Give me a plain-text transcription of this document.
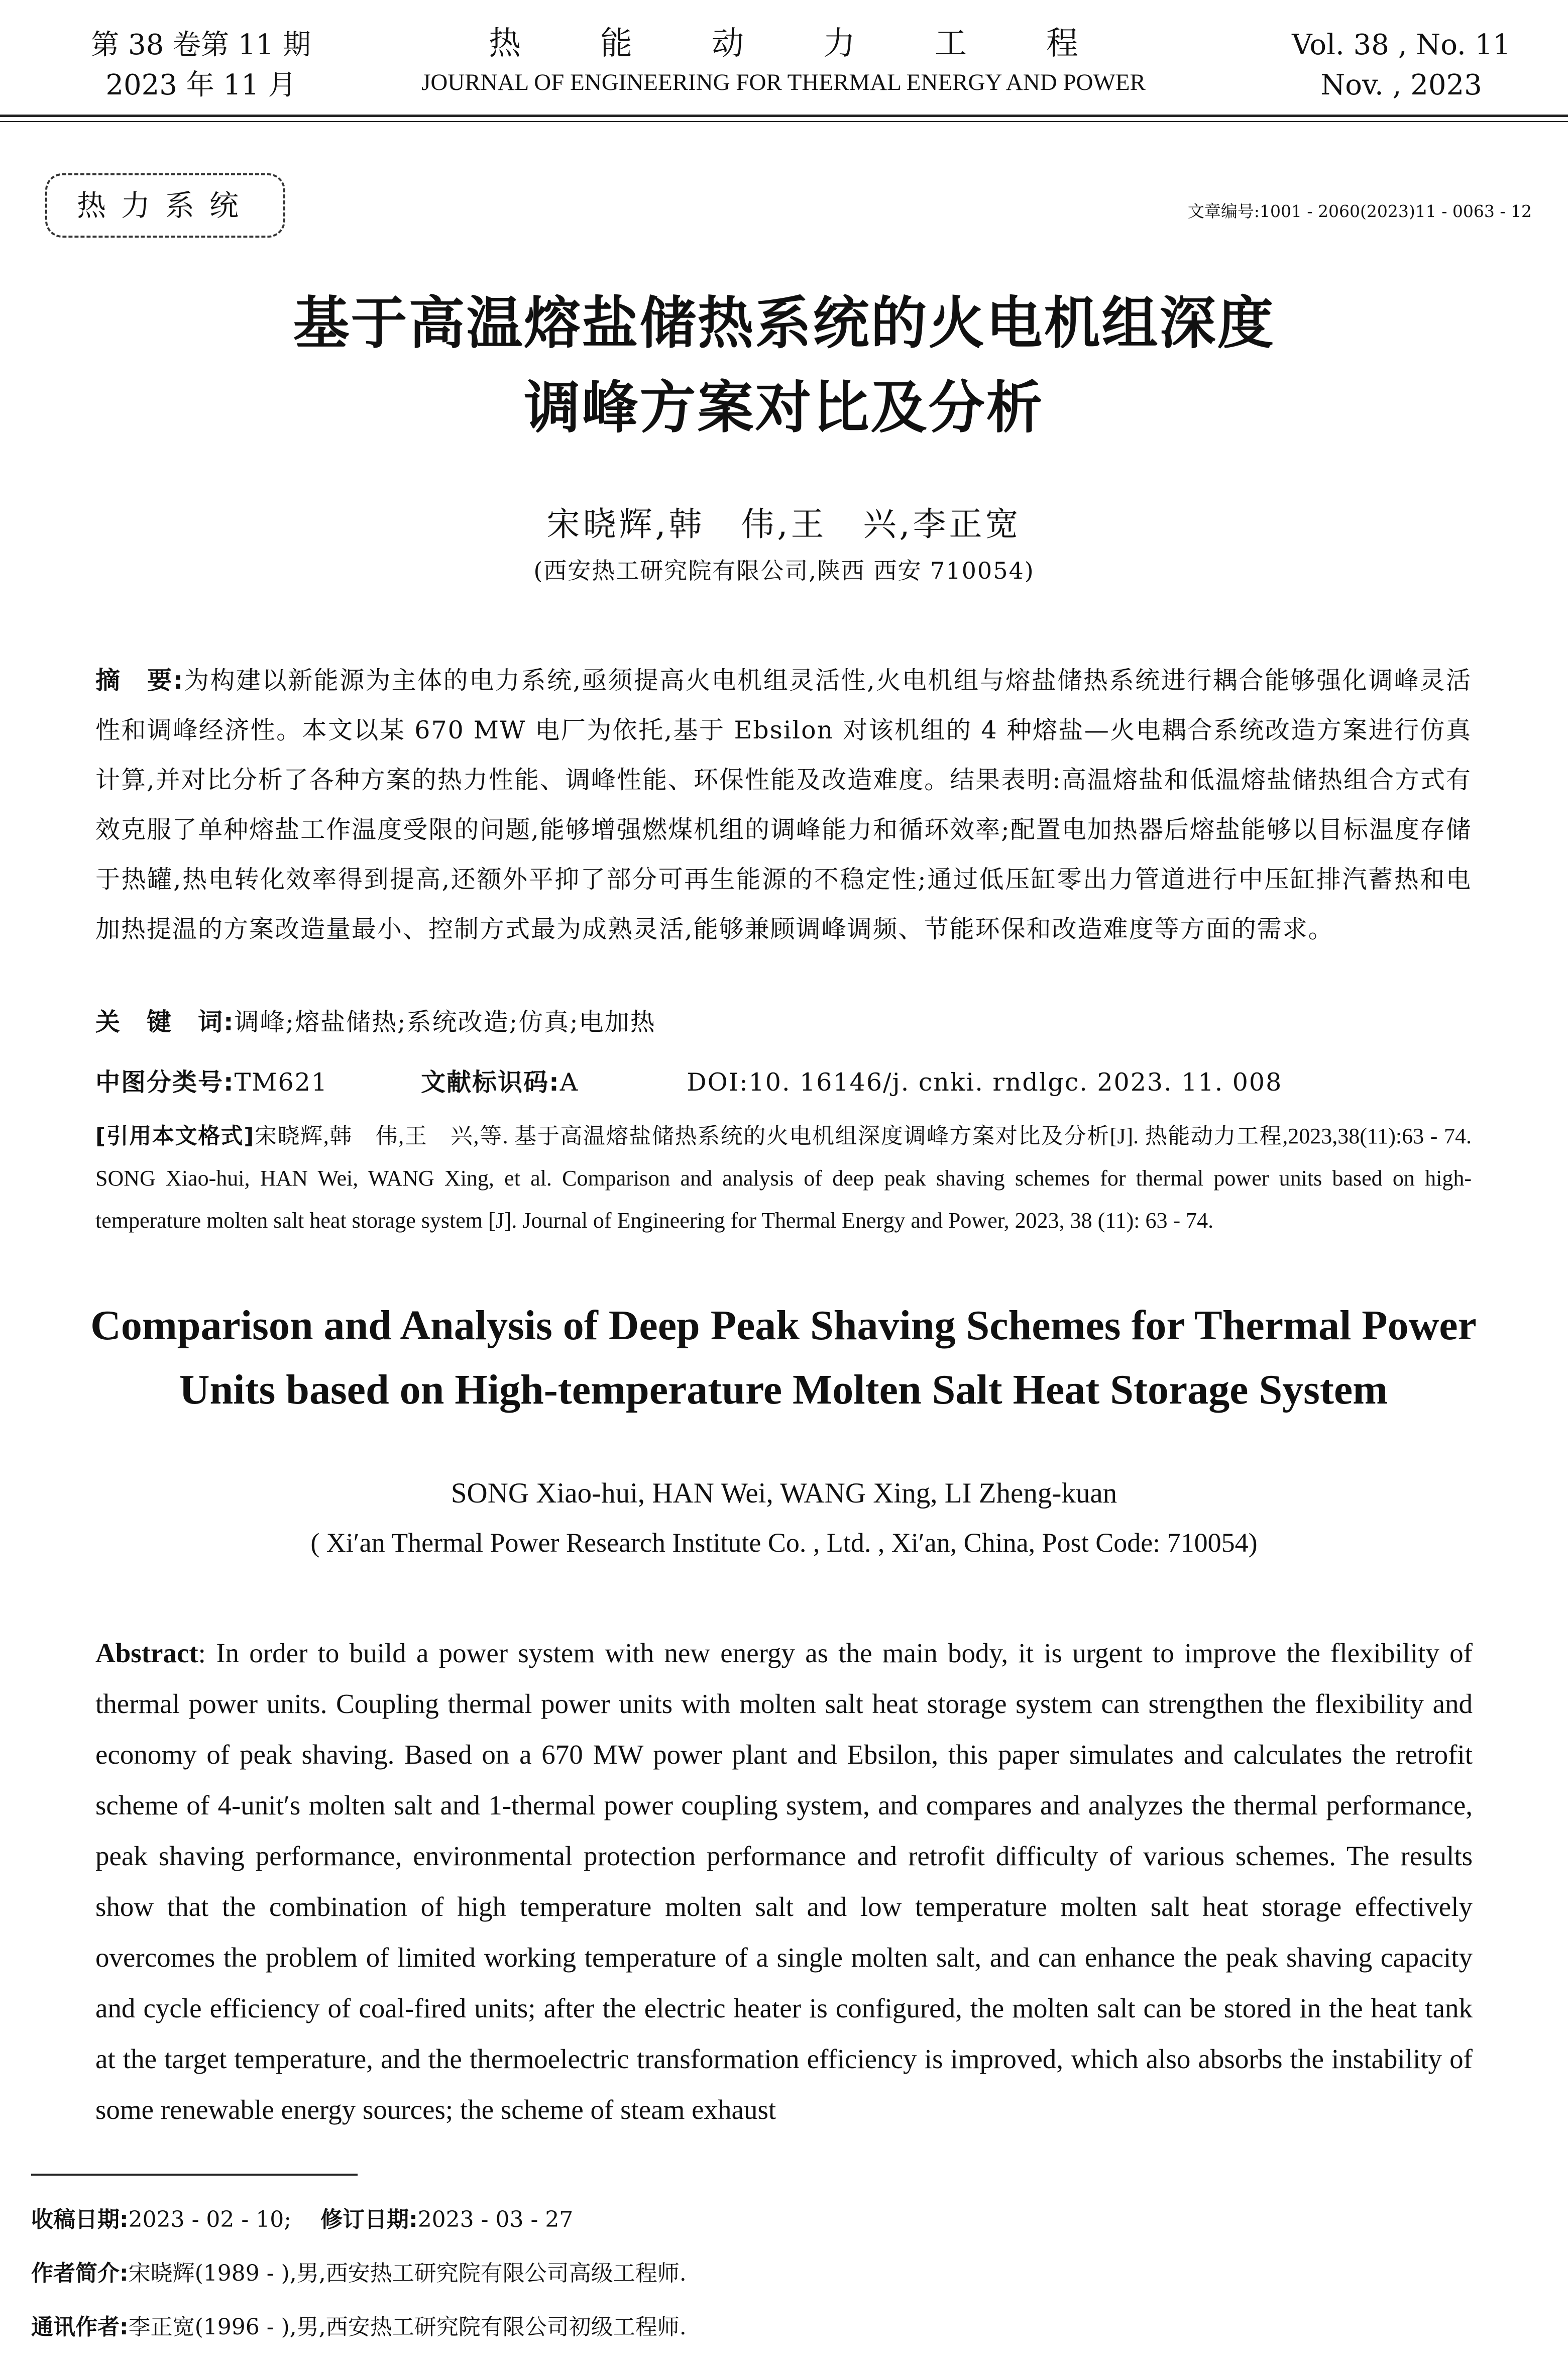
第 38 卷第 11 期
2023 年 11 月
热能动力工程
JOURNAL OF ENGINEERING FOR THERMAL ENERGY AND POWER
Vol. 38 , No. 11
Nov. , 2023
热力系统	文章编号:1001 - 2060(2023)11 - 0063 - 12
基于高温熔盐储热系统的火电机组深度
调峰方案对比及分析
宋晓辉,韩　伟,王　兴,李正宽
(西安热工研究院有限公司,陕西 西安 710054)
摘　要:为构建以新能源为主体的电力系统,亟须提高火电机组灵活性,火电机组与熔盐储热系统进行耦合能够强化调峰灵活性和调峰经济性。本文以某 670 MW 电厂为依托,基于 Ebsilon 对该机组的 4 种熔盐—火电耦合系统改造方案进行仿真计算,并对比分析了各种方案的热力性能、调峰性能、环保性能及改造难度。结果表明:高温熔盐和低温熔盐储热组合方式有效克服了单种熔盐工作温度受限的问题,能够增强燃煤机组的调峰能力和循环效率;配置电加热器后熔盐能够以目标温度存储于热罐,热电转化效率得到提高,还额外平抑了部分可再生能源的不稳定性;通过低压缸零出力管道进行中压缸排汽蓄热和电加热提温的方案改造量最小、控制方式最为成熟灵活,能够兼顾调峰调频、节能环保和改造难度等方面的需求。
关　键　词:调峰;熔盐储热;系统改造;仿真;电加热
中图分类号:TM621	文献标识码:A	DOI:10. 16146/j. cnki. rndlgc. 2023. 11. 008
[引用本文格式]宋晓辉,韩　伟,王　兴,等. 基于高温熔盐储热系统的火电机组深度调峰方案对比及分析[J]. 热能动力工程,2023,38(11):63 - 74. SONG Xiao-hui, HAN Wei, WANG Xing, et al. Comparison and analysis of deep peak shaving schemes for thermal power units based on high-temperature molten salt heat storage system [J]. Journal of Engineering for Thermal Energy and Power, 2023, 38 (11): 63 - 74.
Comparison and Analysis of Deep Peak Shaving Schemes for Thermal Power
Units based on High-temperature Molten Salt Heat Storage System
SONG Xiao-hui, HAN Wei, WANG Xing, LI Zheng-kuan
( Xi′an Thermal Power Research Institute Co. , Ltd. , Xi′an, China, Post Code: 710054)
Abstract: In order to build a power system with new energy as the main body, it is urgent to improve the flexibility of thermal power units. Coupling thermal power units with molten salt heat storage system can strengthen the flexibility and economy of peak shaving. Based on a 670 MW power plant and Ebsilon, this paper simulates and calculates the retrofit scheme of 4-unit′s molten salt and 1-thermal power coupling system, and compares and analyzes the thermal performance, peak shaving performance, environmental protection performance and retrofit difficulty of various schemes. The results show that the combination of high temperature molten salt and low temperature molten salt heat storage effectively overcomes the problem of limited working temperature of a single molten salt, and can enhance the peak shaving capacity and cycle efficiency of coal-fired units; after the electric heater is configured, the molten salt can be stored in the heat tank at the target temperature, and the thermoelectric transformation efficiency is improved, which also absorbs the instability of some renewable energy sources; the scheme of steam exhaust
收稿日期:2023 - 02 - 10; 修订日期:2023 - 03 - 27
作者简介:宋晓辉(1989 - ),男,西安热工研究院有限公司高级工程师.
通讯作者:李正宽(1996 - ),男,西安热工研究院有限公司初级工程师.
